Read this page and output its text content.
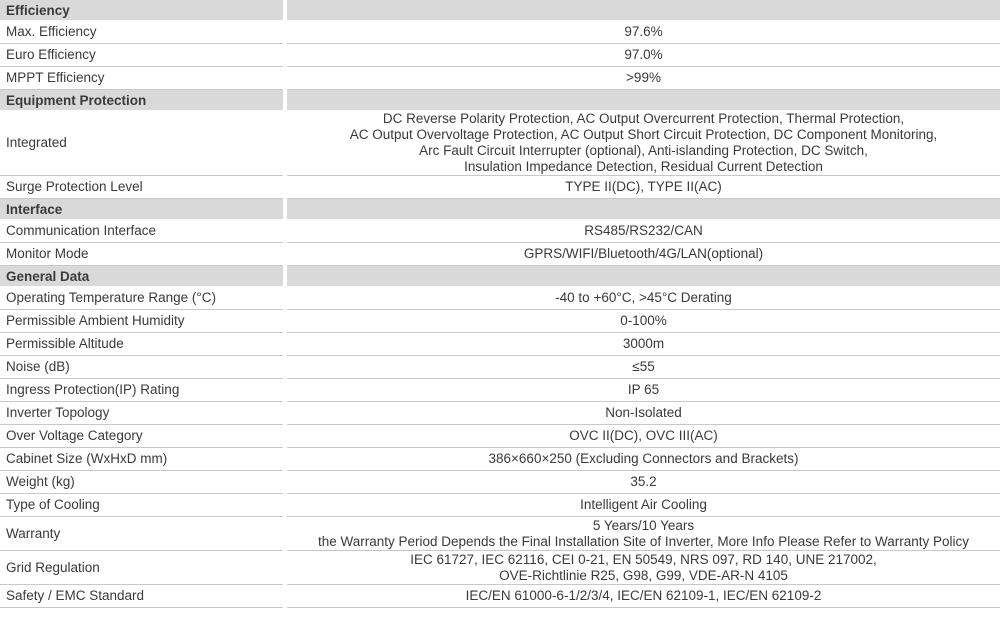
Efficiency		
Max. Efficiency		97.6%
Euro Efficiency		97.0%
MPPT Efficiency		>99%
Equipment Protection		
Integrated		DC Reverse Polarity Protection, AC Output Overcurrent Protection, Thermal Protection,
AC Output Overvoltage Protection, AC Output Short Circuit Protection, DC Component Monitoring,
Arc Fault Circuit Interrupter (optional), Anti-islanding Protection, DC Switch,
Insulation Impedance Detection, Residual Current Detection
Surge Protection Level		TYPE II(DC), TYPE II(AC)
Interface		
Communication Interface		RS485/RS232/CAN
Monitor Mode		GPRS/WIFI/Bluetooth/4G/LAN(optional)
General Data		
Operating Temperature Range (°C)		-40 to +60°C, >45°C Derating
Permissible Ambient Humidity		0-100%
Permissible Altitude		3000m
Noise (dB)		≤55
Ingress Protection(IP) Rating		IP 65
Inverter Topology		Non-Isolated
Over Voltage Category		OVC II(DC), OVC III(AC)
Cabinet Size (WxHxD mm)		386×660×250 (Excluding Connectors and Brackets)
Weight (kg)		35.2
Type of Cooling		Intelligent Air Cooling
Warranty		5 Years/10 Years
the Warranty Period Depends the Final Installation Site of Inverter, More Info Please Refer to Warranty Policy
Grid Regulation		IEC 61727, IEC 62116, CEI 0-21, EN 50549, NRS 097, RD 140, UNE 217002,
OVE-Richtlinie R25, G98, G99, VDE-AR-N 4105
Safety / EMC Standard		IEC/EN 61000-6-1/2/3/4, IEC/EN 62109-1, IEC/EN 62109-2
